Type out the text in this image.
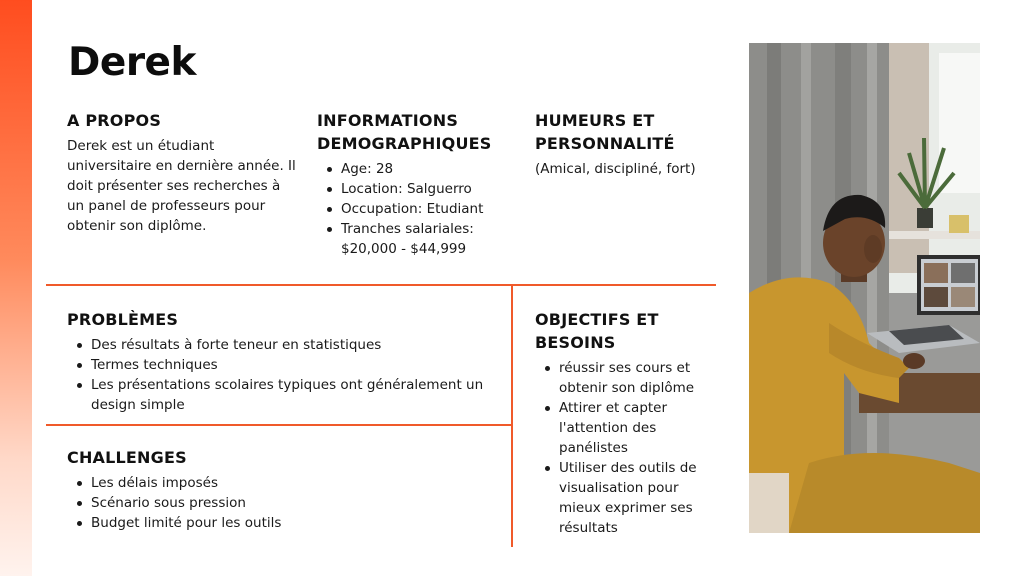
Derek
A PROPOS
Derek est un étudiant universitaire en dernière année. Il doit présenter ses recherches à un panel de professeurs pour obtenir son diplôme.
INFORMATIONS
DEMOGRAPHIQUES
Age: 28
Location: Salguerro
Occupation: Etudiant
Tranches salariales: $20,000 - $44,999
HUMEURS ET
PERSONNALITÉ
(Amical, discipliné, fort)
PROBLÈMES
Des résultats à forte teneur en statistiques
Termes techniques
Les présentations scolaires typiques ont généralement un design simple
CHALLENGES
Les délais imposés
Scénario sous pression
Budget limité pour les outils
OBJECTIFS ET
BESOINS
réussir ses cours et obtenir son diplôme
Attirer et capter l'attention des panélistes
Utiliser des outils de visualisation pour mieux exprimer ses résultats
